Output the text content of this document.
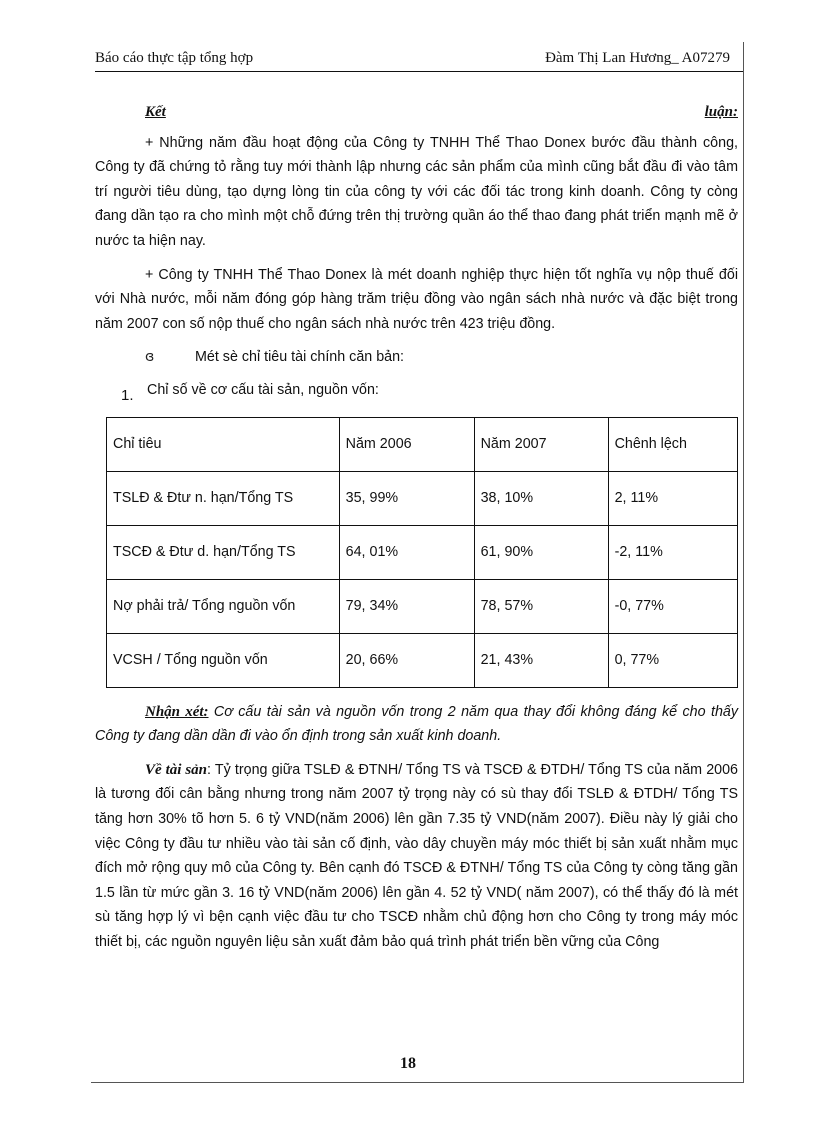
Báo cáo thực tập tổng hợp	Đàm Thị Lan Hương_ A07279
Kết	luận:

+ Những năm đầu hoạt động của Công ty TNHH Thể Thao Donex bước đầu thành công, Công ty đã chứng tỏ rằng tuy mới thành lập nhưng các sản phẩm của mình cũng bắt đầu đi vào tâm trí người tiêu dùng, tạo dựng lòng tin của công ty với các đối tác trong kinh doanh. Công ty còng đang dần tạo ra cho mình một chỗ đứng trên thị trường quần áo thể thao đang phát triển mạnh mẽ ở nước ta hiện nay.

+ Công ty TNHH Thể Thao Donex là mét doanh nghiệp thực hiện tốt nghĩa vụ nộp thuế đối với Nhà nước, mỗi năm đóng góp hàng trăm triệu đồng vào ngân sách nhà nước và đặc biệt trong năm 2007 con số nộp thuế cho ngân sách nhà nước trên 423 triệu đồng.

ɞ	Mét sè chỉ tiêu tài chính căn bản:
1. Chỉ số về cơ cấu tài sản, nguồn vốn:
Chỉ tiêu	Năm 2006	Năm 2007	Chênh lệch
TSLĐ & Đtư n. hạn/Tổng TS	35, 99%	38, 10%	2, 11%
TSCĐ & Đtư d. hạn/Tổng TS	64, 01%	61, 90%	-2, 11%
Nợ phải trả/ Tổng nguồn vốn	79, 34%	78, 57%	-0, 77%
VCSH / Tổng nguồn vốn	20, 66%	21, 43%	0, 77%

Nhận xét: Cơ cấu tài sản và nguồn vốn trong 2 năm qua thay đổi không đáng kể cho thấy Công ty đang dần dần đi vào ổn định trong sản xuất kinh doanh.

Về tài sản: Tỷ trọng giữa TSLĐ & ĐTNH/ Tổng TS và TSCĐ & ĐTDH/ Tổng TS của năm 2006 là tương đối cân bằng nhưng trong năm 2007 tỷ trọng này có sù thay đổi TSLĐ & ĐTDH/ Tổng TS tăng hơn 30% tõ hơn 5. 6 tỷ VND(năm 2006) lên gần 7.35 tỷ VND(năm 2007). Điều này lý giải cho việc Công ty đầu tư nhiều vào tài sản cố định, vào dây chuyền máy móc thiết bị sản xuất nhằm mục đích mở rộng quy mô của Công ty. Bên cạnh đó TSCĐ & ĐTNH/ Tổng TS của Công ty còng tăng gần 1.5 lần từ mức gần 3. 16 tỷ VND(năm 2006) lên gần 4. 52 tỷ VND( năm 2007), có thể thấy đó là mét sù tăng hợp lý vì bện cạnh việc đầu tư cho TSCĐ nhằm chủ động hơn cho Công ty trong máy móc thiết bị, các nguồn nguyên liệu sản xuất đảm bảo quá trình phát triển bền vững của Công

18
